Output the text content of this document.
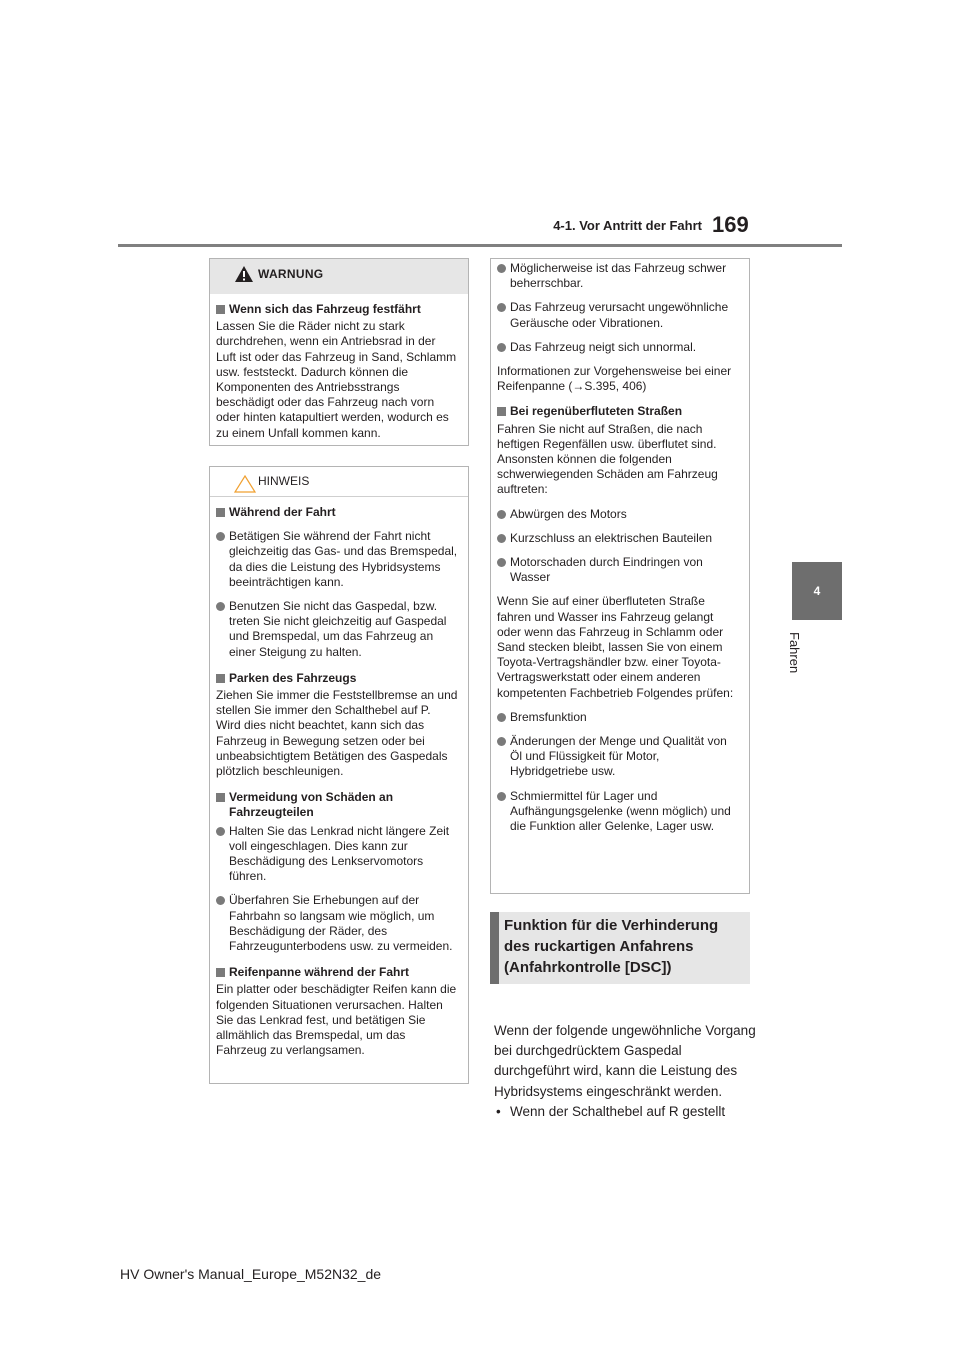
4-1. Vor Antritt der Fahrt 169
4
Fahren
WARNUNG
Wenn sich das Fahrzeug festfährt
Lassen Sie die Räder nicht zu stark durchdrehen, wenn ein Antriebsrad in der Luft ist oder das Fahrzeug in Sand, Schlamm usw. feststeckt. Dadurch können die Komponenten des Antriebsstrangs beschädigt oder das Fahrzeug nach vorn oder hinten katapultiert werden, wodurch es zu einem Unfall kommen kann.
HINWEIS
Während der Fahrt
Betätigen Sie während der Fahrt nicht gleichzeitig das Gas- und das Bremspedal, da dies die Leistung des Hybridsystems beeinträchtigen kann.
Benutzen Sie nicht das Gaspedal, bzw. treten Sie nicht gleichzeitig auf Gaspedal und Bremspedal, um das Fahrzeug an einer Steigung zu halten.
Parken des Fahrzeugs
Ziehen Sie immer die Feststellbremse an und stellen Sie immer den Schalthebel auf P. Wird dies nicht beachtet, kann sich das Fahrzeug in Bewegung setzen oder bei unbeabsichtigtem Betätigen des Gaspedals plötzlich beschleunigen.
Vermeidung von Schäden an Fahrzeugteilen
Halten Sie das Lenkrad nicht längere Zeit voll eingeschlagen. Dies kann zur Beschädigung des Lenkservomotors führen.
Überfahren Sie Erhebungen auf der Fahrbahn so langsam wie möglich, um Beschädigung der Räder, des Fahrzeugunterbodens usw. zu vermeiden.
Reifenpanne während der Fahrt
Ein platter oder beschädigter Reifen kann die folgenden Situationen verursachen. Halten Sie das Lenkrad fest, und betätigen Sie allmählich das Bremspedal, um das Fahrzeug zu verlangsamen.
Möglicherweise ist das Fahrzeug schwer beherrschbar.
Das Fahrzeug verursacht ungewöhnliche Geräusche oder Vibrationen.
Das Fahrzeug neigt sich unnormal.
Informationen zur Vorgehensweise bei einer Reifenpanne (→S.395, 406)
Bei regenüberfluteten Straßen
Fahren Sie nicht auf Straßen, die nach heftigen Regenfällen usw. überflutet sind. Ansonsten können die folgenden schwerwiegenden Schäden am Fahrzeug auftreten:
Abwürgen des Motors
Kurzschluss an elektrischen Bauteilen
Motorschaden durch Eindringen von Wasser
Wenn Sie auf einer überfluteten Straße fahren und Wasser ins Fahrzeug gelangt oder wenn das Fahrzeug in Schlamm oder Sand stecken bleibt, lassen Sie von einem Toyota-Vertragshändler bzw. einer Toyota-Vertragswerkstatt oder einem anderen kompetenten Fachbetrieb Folgendes prüfen:
Bremsfunktion
Änderungen der Menge und Qualität von Öl und Flüssigkeit für Motor, Hybridgetriebe usw.
Schmiermittel für Lager und Aufhängungsgelenke (wenn möglich) und die Funktion aller Gelenke, Lager usw.
Funktion für die Verhinderung des ruckartigen Anfahrens (Anfahrkontrolle [DSC])
Wenn der folgende ungewöhnliche Vorgang bei durchgedrücktem Gaspedal durchgeführt wird, kann die Leistung des Hybridsystems eingeschränkt werden.
• Wenn der Schalthebel auf R gestellt
HV Owner's Manual_Europe_M52N32_de
